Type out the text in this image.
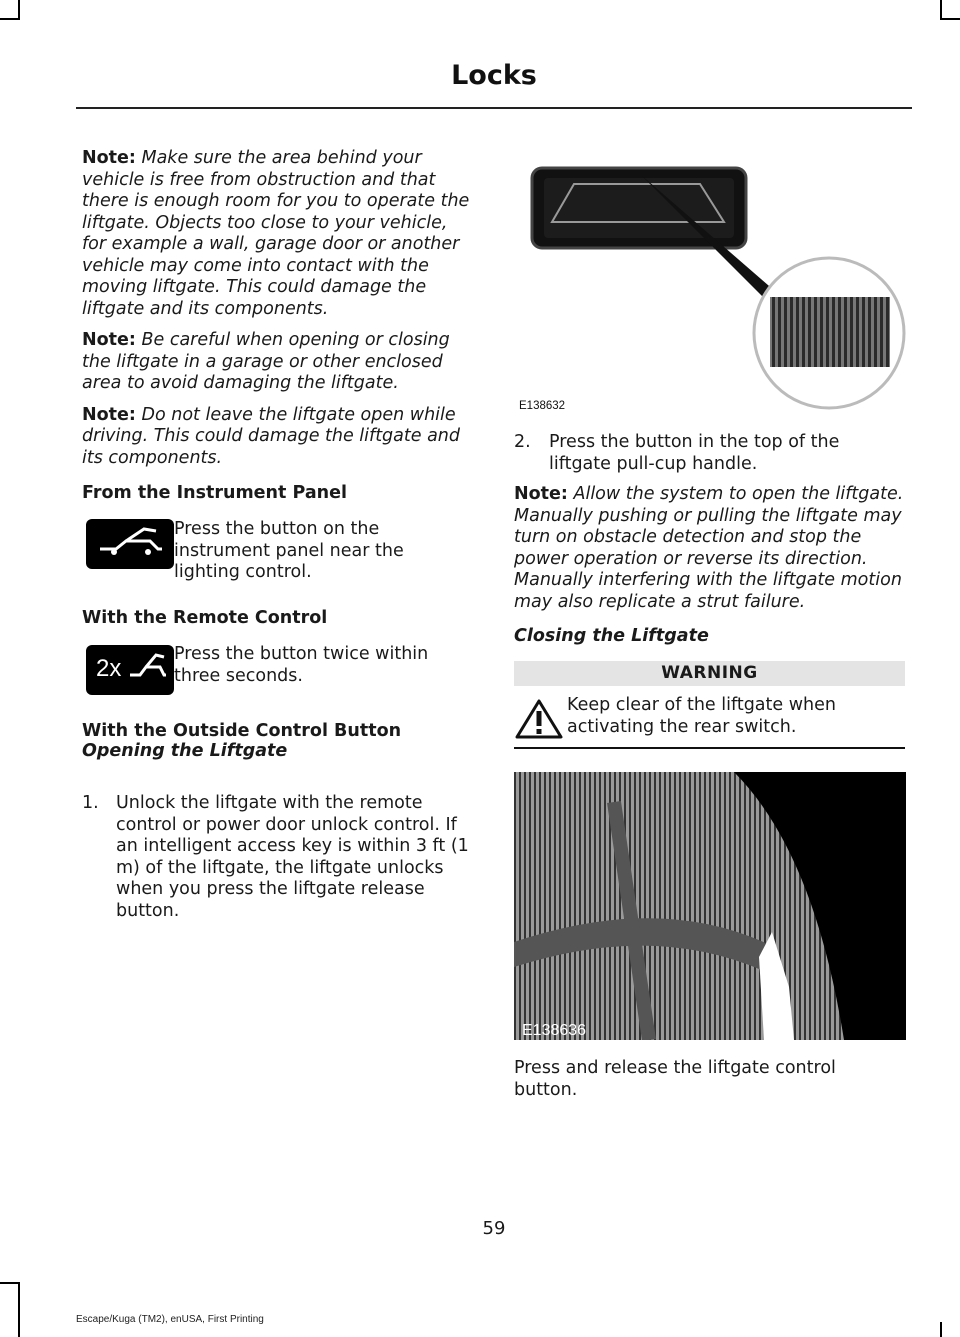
Locks

Note: Make sure the area behind your vehicle is free from obstruction and that there is enough room for you to operate the liftgate. Objects too close to your vehicle, for example a wall, garage door or another vehicle may come into contact with the moving liftgate. This could damage the liftgate and its components.

Note: Be careful when opening or closing the liftgate in a garage or other enclosed area to avoid damaging the liftgate.

Note: Do not leave the liftgate open while driving. This could damage the liftgate and its components.

From the Instrument Panel
Press the button on the instrument panel near the lighting control.
With the Remote Control
2x
Press the button twice within three seconds.
With the Outside Control Button
Opening the Liftgate
1. Unlock the liftgate with the remote control or power door unlock control. If an intelligent access key is within 3 ft (1 m) of the liftgate, the liftgate unlocks when you press the liftgate release button.
E138632
2. Press the button in the top of the liftgate pull-cup handle.
Note: Allow the system to open the liftgate. Manually pushing or pulling the liftgate may turn on obstacle detection and stop the power operation or reverse its direction. Manually interfering with the liftgate motion may also replicate a strut failure.
Closing the Liftgate
WARNING
Keep clear of the liftgate when activating the rear switch.
E138636
Press and release the liftgate control button.
59
Escape/Kuga (TM2), enUSA, First Printing
